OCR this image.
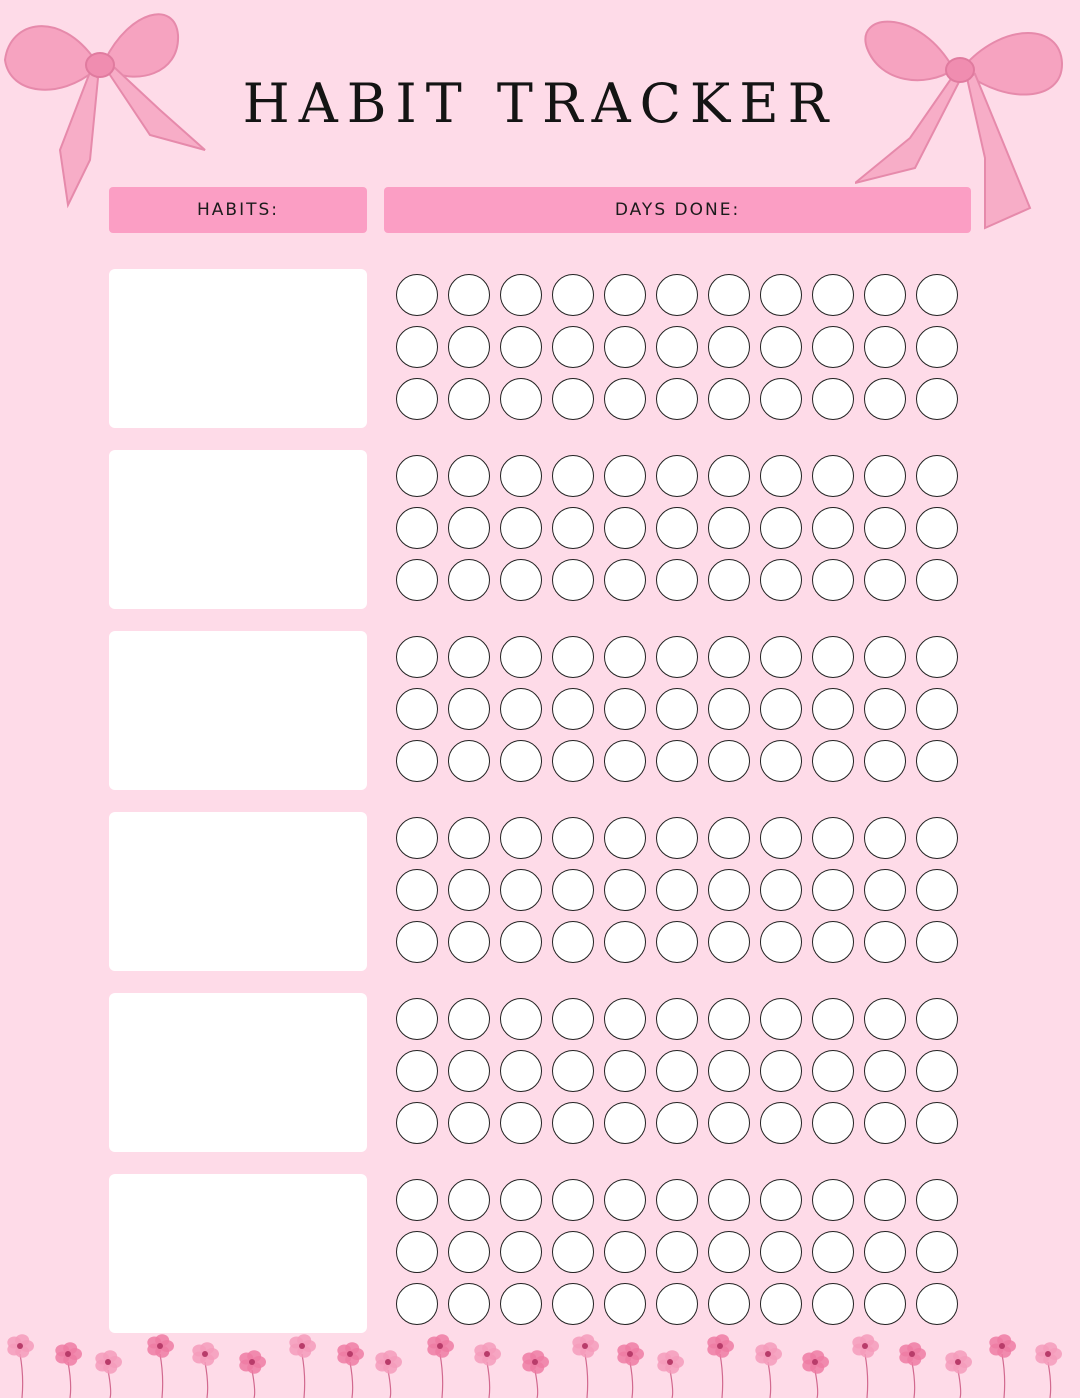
HABIT TRACKER
HABITS:	DAYS DONE:
